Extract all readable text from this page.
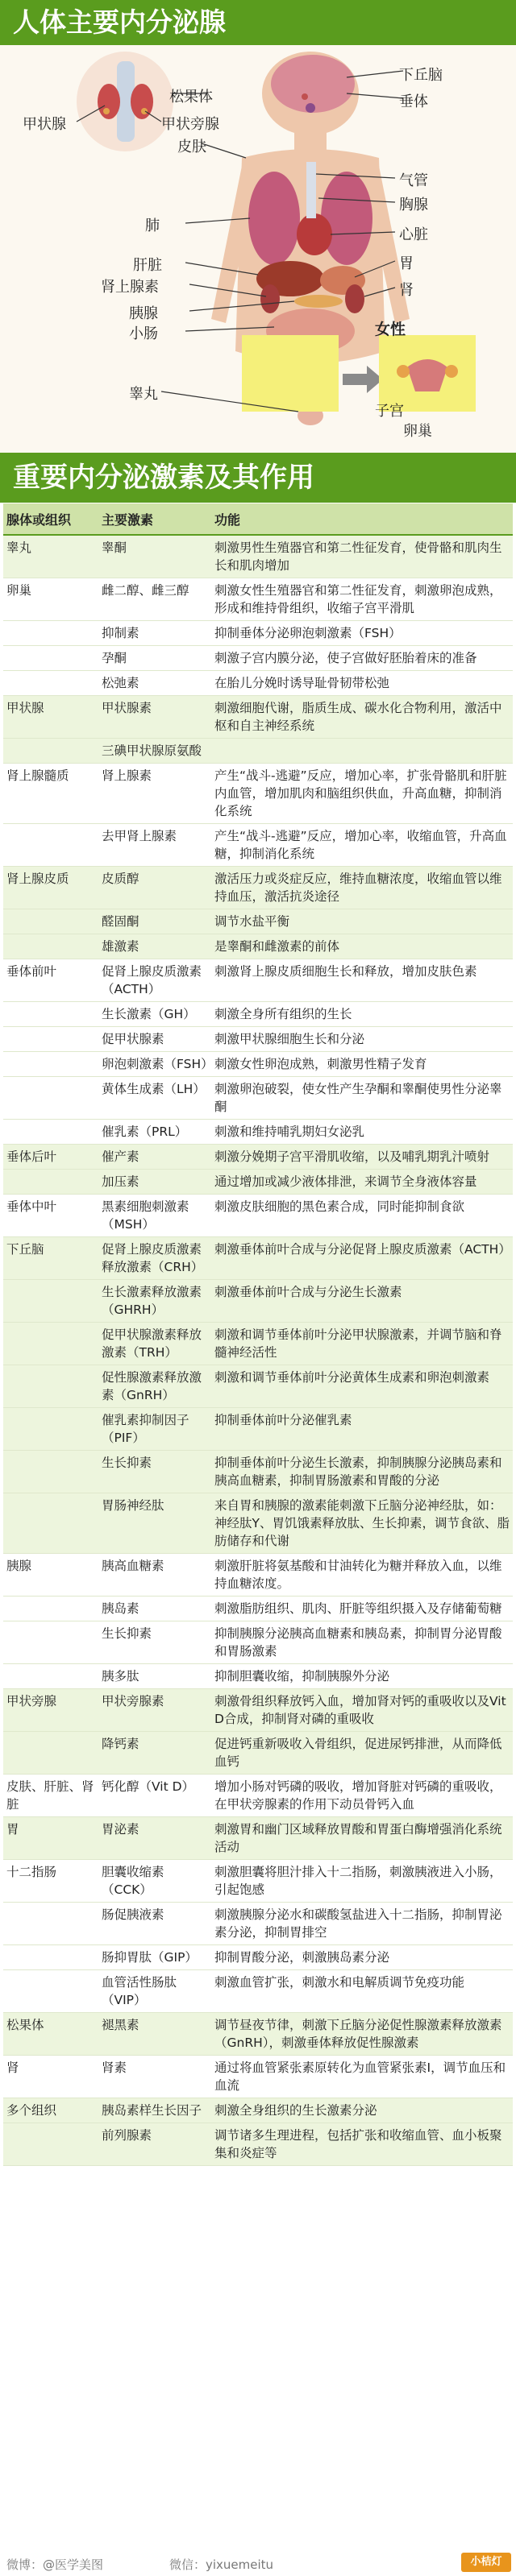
人体主要内分泌腺
下丘脑
垂体
松果体
甲状腺	甲状旁腺
皮肤
气管
胸腺
肺
心脏
肝脏	胃
肾上腺素	肾
胰腺
小肠	女性
睾丸
子宫
卵巢
重要内分泌激素及其作用
腺体或组织	主要激素	功能
睾丸	睾酮	刺激男性生殖器官和第二性征发育，使骨骼和肌肉生长和肌肉增加
卵巢	雌二醇、雌三醇	刺激女性生殖器官和第二性征发育，刺激卵泡成熟，形成和维持骨组织，收缩子宫平滑肌
	抑制素	抑制垂体分泌卵泡刺激素（FSH）
	孕酮	刺激子宫内膜分泌，使子宫做好胚胎着床的准备
	松弛素	在胎儿分娩时诱导耻骨韧带松弛
甲状腺	甲状腺素	刺激细胞代谢，脂质生成、碳水化合物利用，激活中枢和自主神经系统
	三碘甲状腺原氨酸	
肾上腺髓质	肾上腺素	产生“战斗-逃避”反应，增加心率，扩张骨骼肌和肝脏内血管，增加肌肉和脑组织供血，升高血糖，抑制消化系统
	去甲肾上腺素	产生“战斗-逃避”反应，增加心率，收缩血管，升高血糖，抑制消化系统
肾上腺皮质	皮质醇	激活压力或炎症反应，维持血糖浓度，收缩血管以维持血压，激活抗炎途径
	醛固酮	调节水盐平衡
	雄激素	是睾酮和雌激素的前体
垂体前叶	促肾上腺皮质激素（ACTH）	刺激肾上腺皮质细胞生长和释放，增加皮肤色素
	生长激素（GH）	刺激全身所有组织的生长
	促甲状腺素	刺激甲状腺细胞生长和分泌
	卵泡刺激素（FSH）	刺激女性卵泡成熟，刺激男性精子发育
	黄体生成素（LH）	刺激卵泡破裂，使女性产生孕酮和睾酮使男性分泌睾酮
	催乳素（PRL）	刺激和维持哺乳期妇女泌乳
垂体后叶	催产素	刺激分娩期子宫平滑肌收缩，以及哺乳期乳汁喷射
	加压素	通过增加或减少液体排泄，来调节全身液体容量
垂体中叶	黑素细胞刺激素（MSH）	刺激皮肤细胞的黑色素合成，同时能抑制食欲
下丘脑	促肾上腺皮质激素释放激素（CRH）	刺激垂体前叶合成与分泌促肾上腺皮质激素（ACTH）
	生长激素释放激素（GHRH）	刺激垂体前叶合成与分泌生长激素
	促甲状腺激素释放激素（TRH）	刺激和调节垂体前叶分泌甲状腺激素，并调节脑和脊髓神经活性
	促性腺激素释放激素（GnRH）	刺激和调节垂体前叶分泌黄体生成素和卵泡刺激素
	催乳素抑制因子（PIF）	抑制垂体前叶分泌催乳素
	生长抑素	抑制垂体前叶分泌生长激素，抑制胰腺分泌胰岛素和胰高血糖素，抑制胃肠激素和胃酸的分泌
	胃肠神经肽	来自胃和胰腺的激素能刺激下丘脑分泌神经肽，如：神经肽Y、胃饥饿素释放肽、生长抑素，调节食欲、脂肪储存和代谢
胰腺	胰高血糖素	刺激肝脏将氨基酸和甘油转化为糖并释放入血，以维持血糖浓度。
	胰岛素	刺激脂肪组织、肌肉、肝脏等组织摄入及存储葡萄糖
	生长抑素	抑制胰腺分泌胰高血糖素和胰岛素，抑制胃分泌胃酸和胃肠激素
	胰多肽	抑制胆囊收缩，抑制胰腺外分泌
甲状旁腺	甲状旁腺素	刺激骨组织释放钙入血，增加肾对钙的重吸收以及Vit D合成，抑制肾对磷的重吸收
	降钙素	促进钙重新吸收入骨组织，促进尿钙排泄，从而降低血钙
皮肤、肝脏、肾脏	钙化醇（Vit D）	增加小肠对钙磷的吸收，增加肾脏对钙磷的重吸收，在甲状旁腺素的作用下动员骨钙入血
胃	胃泌素	刺激胃和幽门区域释放胃酸和胃蛋白酶增强消化系统活动
十二指肠	胆囊收缩素（CCK）	刺激胆囊将胆汁排入十二指肠，刺激胰液进入小肠，引起饱感
	肠促胰液素	刺激胰腺分泌水和碳酸氢盐进入十二指肠，抑制胃泌素分泌，抑制胃排空
	肠抑胃肽（GIP）	抑制胃酸分泌，刺激胰岛素分泌
	血管活性肠肽（VIP）	刺激血管扩张，刺激水和电解质调节免疫功能
松果体	褪黑素	调节昼夜节律，刺激下丘脑分泌促性腺激素释放激素（GnRH），刺激垂体释放促性腺激素
肾	肾素	通过将血管紧张素原转化为血管紧张素Ⅰ，调节血压和血流
多个组织	胰岛素样生长因子	刺激全身组织的生长激素分泌
	前列腺素	调节诸多生理进程，包括扩张和收缩血管、血小板聚集和炎症等
微博：@医学美图	微信：yixuemeitu	小桔灯
